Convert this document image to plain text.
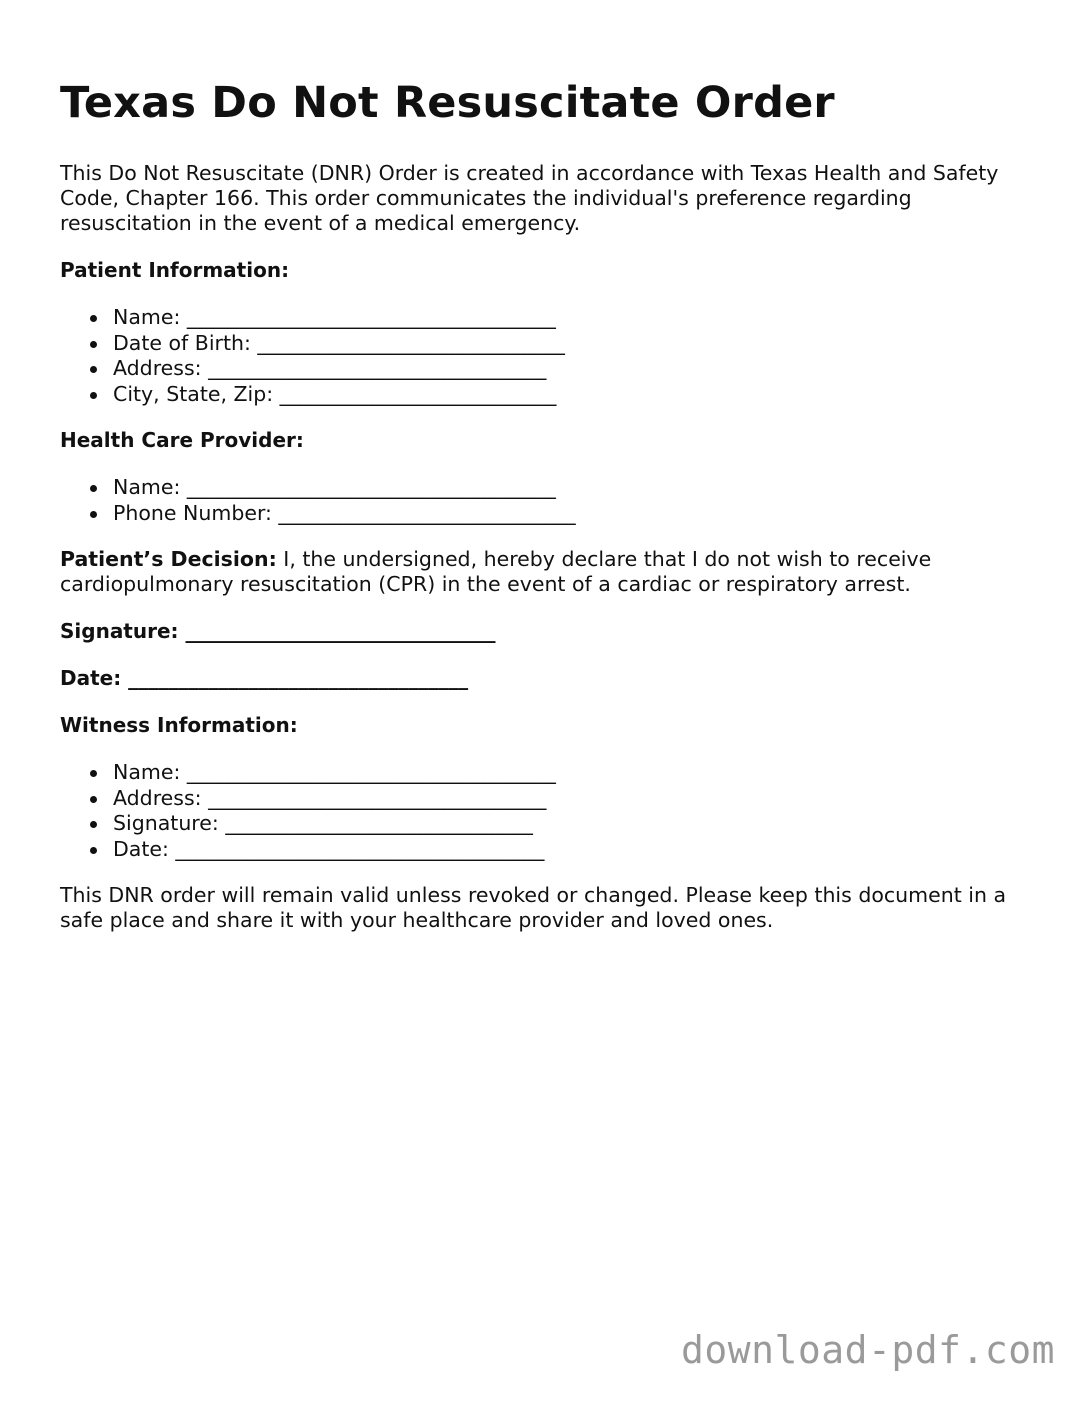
Texas Do Not Resuscitate Order

This Do Not Resuscitate (DNR) Order is created in accordance with Texas Health and Safety Code, Chapter 166. This order communicates the individual's preference regarding resuscitation in the event of a medical emergency.

Patient Information:
Name: ____________________________________
Date of Birth: ______________________________
Address: _________________________________
City, State, Zip: ___________________________
Health Care Provider:
Name: ____________________________________
Phone Number: _____________________________

Patient’s Decision: I, the undersigned, hereby declare that I do not wish to receive cardiopulmonary resuscitation (CPR) in the event of a cardiac or respiratory arrest.

Signature: _______________________________
Date: __________________________________
Witness Information:
Name: ____________________________________
Address: _________________________________
Signature: ______________________________
Date: ____________________________________

This DNR order will remain valid unless revoked or changed. Please keep this document in a safe place and share it with your healthcare provider and loved ones.

download-pdf.com
